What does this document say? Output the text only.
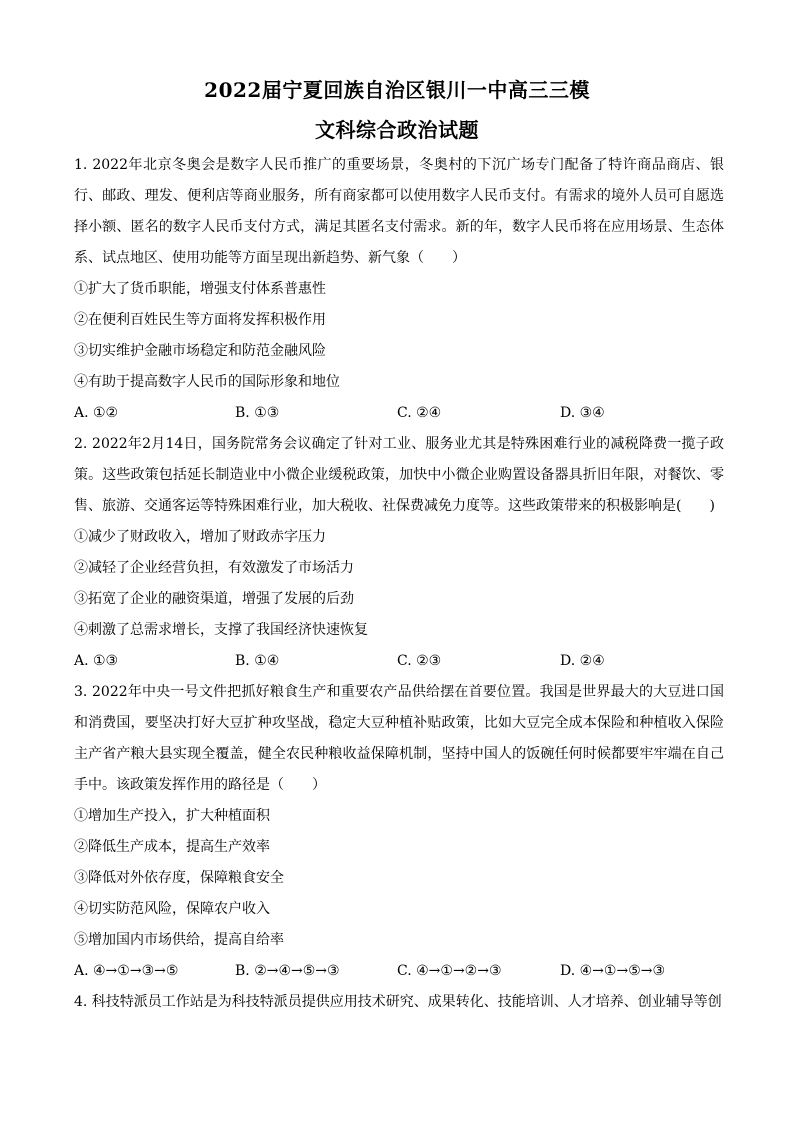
2022届宁夏回族自治区银川一中高三三模
文科综合政治试题
1. 2022年北京冬奥会是数字人民币推广的重要场景，冬奥村的下沉广场专门配备了特许商品商店、银行、邮政、理发、便利店等商业服务，所有商家都可以使用数字人民币支付。有需求的境外人员可自愿选择小额、匿名的数字人民币支付方式，满足其匿名支付需求。新的年，数字人民币将在应用场景、生态体系、试点地区、使用功能等方面呈现出新趋势、新气象（　　）
①扩大了货币职能，增强支付体系普惠性
②在便利百姓民生等方面将发挥积极作用
③切实维护金融市场稳定和防范金融风险
④有助于提高数字人民币的国际形象和地位
A. ①②	B. ①③	C. ②④	D. ③④
2. 2022年2月14日，国务院常务会议确定了针对工业、服务业尤其是特殊困难行业的减税降费一揽子政策。这些政策包括延长制造业中小微企业缓税政策，加快中小微企业购置设备器具折旧年限，对餐饮、零售、旅游、交通客运等特殊困难行业，加大税收、社保费减免力度等。这些政策带来的积极影响是(　　)
①减少了财政收入，增加了财政赤字压力
②减轻了企业经营负担，有效激发了市场活力
③拓宽了企业的融资渠道，增强了发展的后劲
④刺激了总需求增长，支撑了我国经济快速恢复
A. ①③	B. ①④	C. ②③	D. ②④
3. 2022年中央一号文件把抓好粮食生产和重要农产品供给摆在首要位置。我国是世界最大的大豆进口国和消费国，要坚决打好大豆扩种攻坚战，稳定大豆种植补贴政策，比如大豆完全成本保险和种植收入保险主产省产粮大县实现全覆盖，健全农民种粮收益保障机制，坚持中国人的饭碗任何时候都要牢牢端在自己手中。该政策发挥作用的路径是（　　）
①增加生产投入，扩大种植面积
②降低生产成本，提高生产效率
③降低对外依存度，保障粮食安全
④切实防范风险，保障农户收入
⑤增加国内市场供给，提高自给率
A. ④→①→③→⑤	B. ②→④→⑤→③	C. ④→①→②→③	D. ④→①→⑤→③
4. 科技特派员工作站是为科技特派员提供应用技术研究、成果转化、技能培训、人才培养、创业辅导等创
